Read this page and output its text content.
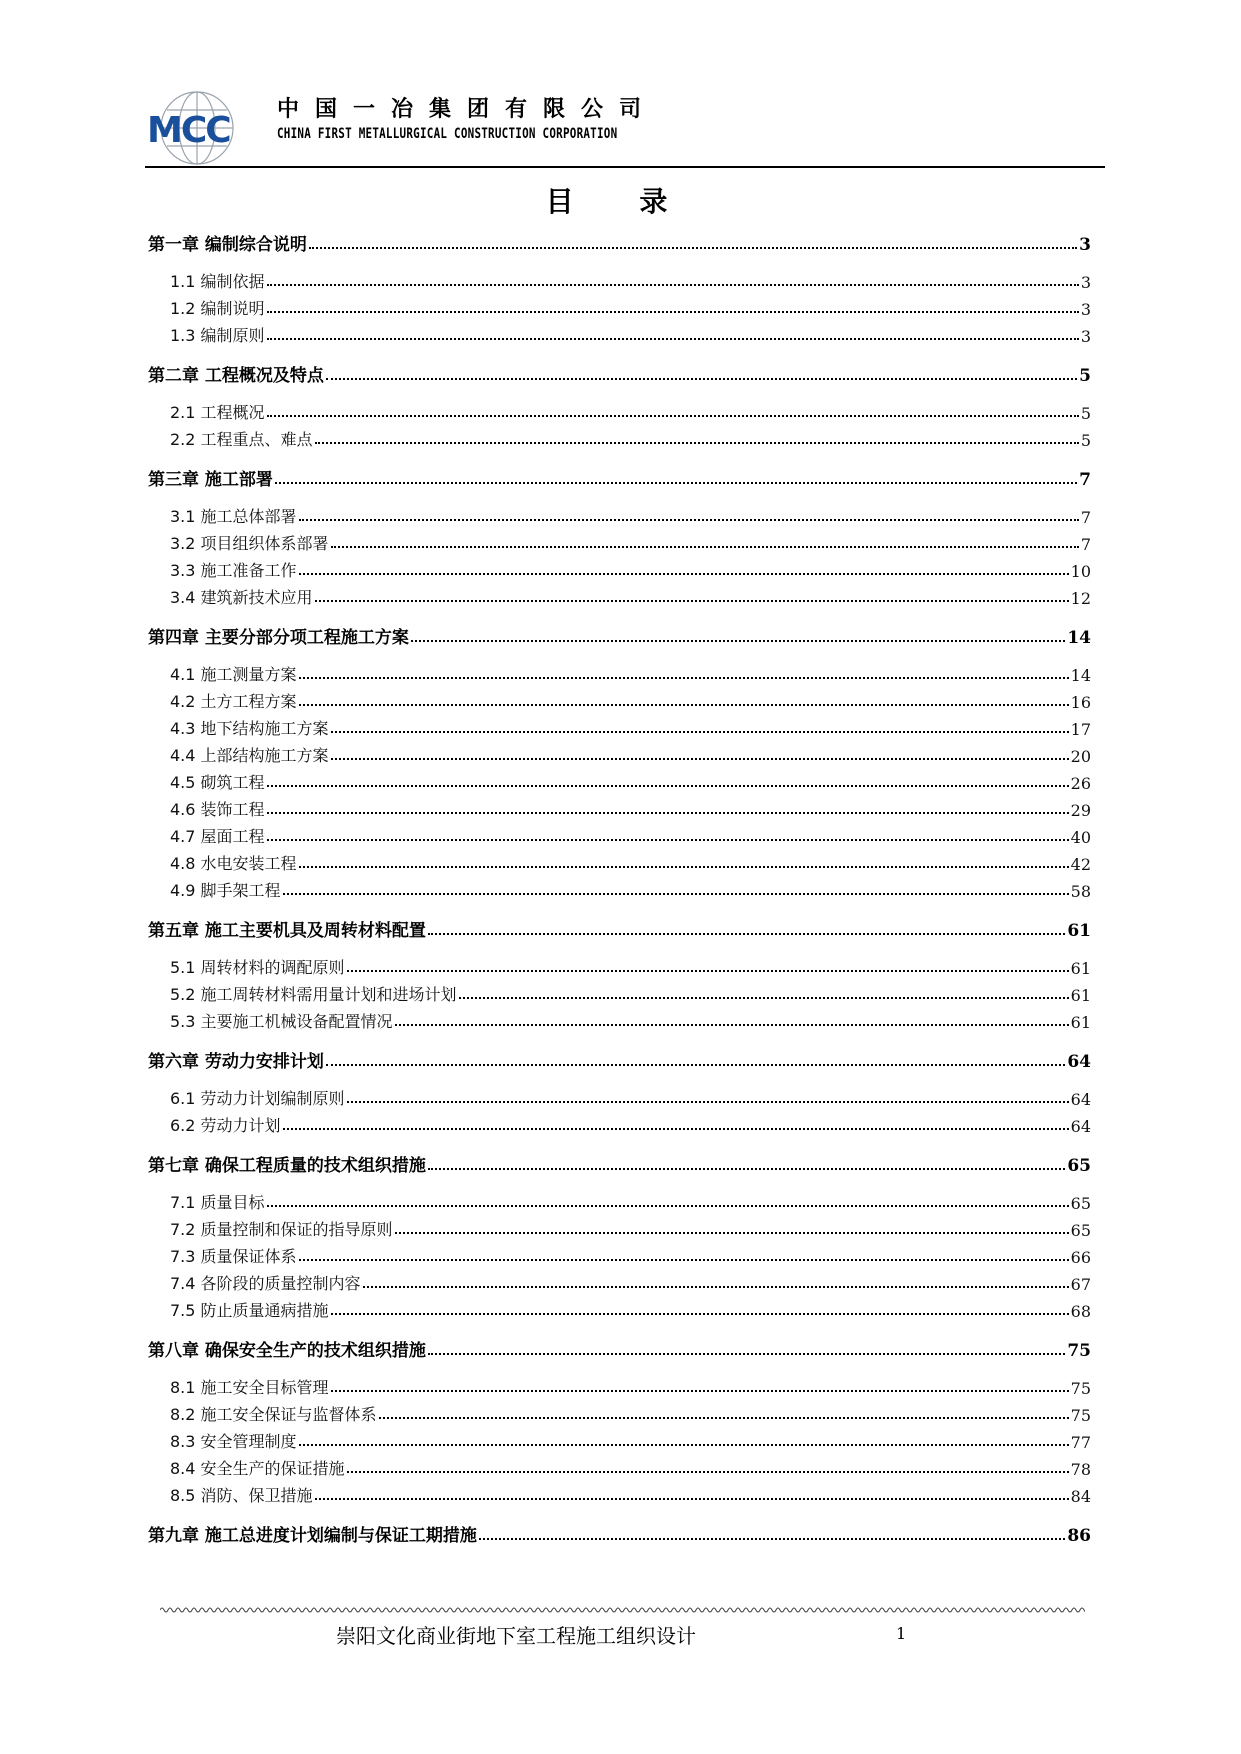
MCC
中国一冶集团有限公司
CHINA FIRST METALLURGICAL CONSTRUCTION CORPORATION
目 录
第一章 编制综合说明	3
1.1 编制依据	3
1.2 编制说明	3
1.3 编制原则	3
第二章 工程概况及特点	5
2.1 工程概况	5
2.2 工程重点、难点	5
第三章 施工部署	7
3.1 施工总体部署	7
3.2 项目组织体系部署	7
3.3 施工准备工作	10
3.4 建筑新技术应用	12
第四章 主要分部分项工程施工方案	14
4.1 施工测量方案	14
4.2 土方工程方案	16
4.3 地下结构施工方案	17
4.4 上部结构施工方案	20
4.5 砌筑工程	26
4.6 装饰工程	29
4.7 屋面工程	40
4.8 水电安装工程	42
4.9 脚手架工程	58
第五章 施工主要机具及周转材料配置	61
5.1 周转材料的调配原则	61
5.2 施工周转材料需用量计划和进场计划	61
5.3 主要施工机械设备配置情况	61
第六章 劳动力安排计划	64
6.1 劳动力计划编制原则	64
6.2 劳动力计划	64
第七章 确保工程质量的技术组织措施	65
7.1 质量目标	65
7.2 质量控制和保证的指导原则	65
7.3 质量保证体系	66
7.4 各阶段的质量控制内容	67
7.5 防止质量通病措施	68
第八章 确保安全生产的技术组织措施	75
8.1 施工安全目标管理	75
8.2 施工安全保证与监督体系	75
8.3 安全管理制度	77
8.4 安全生产的保证措施	78
8.5 消防、保卫措施	84
第九章 施工总进度计划编制与保证工期措施	86
崇阳文化商业街地下室工程施工组织设计	1
